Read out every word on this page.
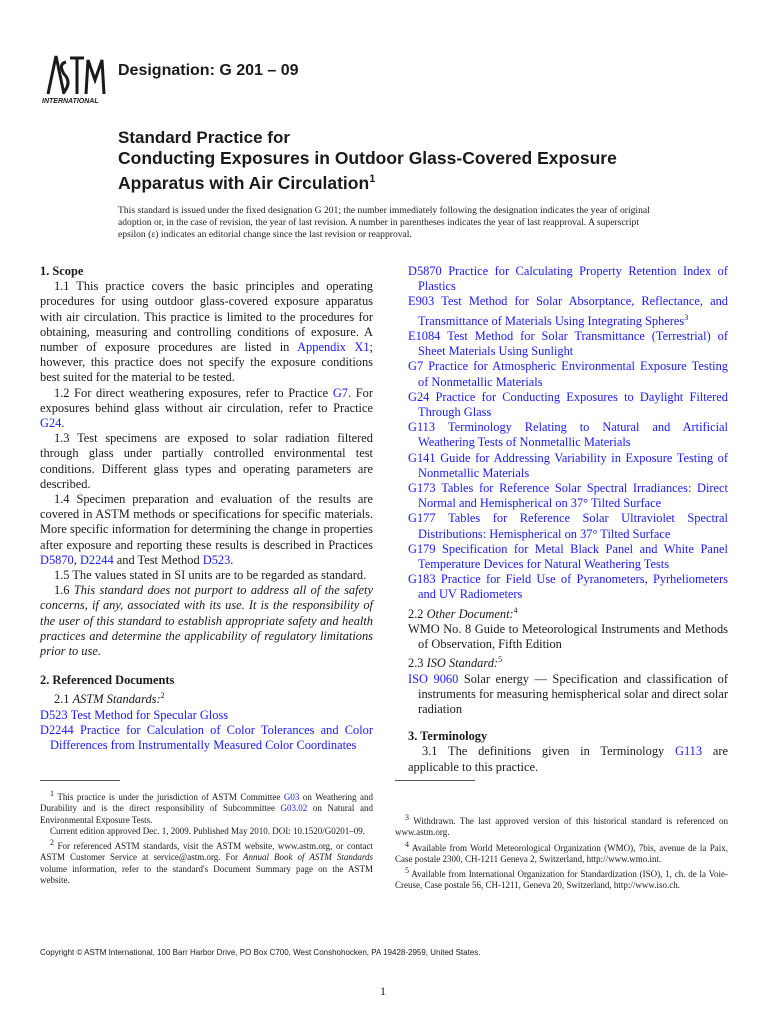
INTERNATIONAL
Designation: G 201 – 09
Standard Practice for
Conducting Exposures in Outdoor Glass-Covered Exposure Apparatus with Air Circulation$^1$
This standard is issued under the fixed designation G 201; the number immediately following the designation indicates the year of original adoption or, in the case of revision, the year of last revision. A number in parentheses indicates the year of last reapproval. A superscript epsilon (ε) indicates an editorial change since the last revision or reapproval.

1. Scope

1.1 This practice covers the basic principles and operating procedures for using outdoor glass-covered exposure apparatus with air circulation. This practice is limited to the procedures for obtaining, measuring and controlling conditions of exposure. A number of exposure procedures are listed in Appendix X1; however, this practice does not specify the exposure conditions best suited for the material to be tested.

1.2 For direct weathering exposures, refer to Practice G7. For exposures behind glass without air circulation, refer to Practice G24.

1.3 Test specimens are exposed to solar radiation filtered through glass under partially controlled environmental test conditions. Different glass types and operating parameters are described.

1.4 Specimen preparation and evaluation of the results are covered in ASTM methods or specifications for specific materials. More specific information for determining the change in properties after exposure and reporting these results is described in Practices D5870, D2244 and Test Method D523.

1.5 The values stated in SI units are to be regarded as standard.

1.6 This standard does not purport to address all of the safety concerns, if any, associated with its use. It is the responsibility of the user of this standard to establish appropriate safety and health practices and determine the applicability of regulatory limitations prior to use.

2. Referenced Documents

2.1 ASTM Standards:$^2$

D523 Test Method for Specular Gloss

D2244 Practice for Calculation of Color Tolerances and Color Differences from Instrumentally Measured Color Coordinates

D5870 Practice for Calculating Property Retention Index of Plastics

E903 Test Method for Solar Absorptance, Reflectance, and Transmittance of Materials Using Integrating Spheres$^3$

E1084 Test Method for Solar Transmittance (Terrestrial) of Sheet Materials Using Sunlight

G7 Practice for Atmospheric Environmental Exposure Testing of Nonmetallic Materials

G24 Practice for Conducting Exposures to Daylight Filtered Through Glass

G113 Terminology Relating to Natural and Artificial Weathering Tests of Nonmetallic Materials

G141 Guide for Addressing Variability in Exposure Testing of Nonmetallic Materials

G173 Tables for Reference Solar Spectral Irradiances: Direct Normal and Hemispherical on 37° Tilted Surface

G177 Tables for Reference Solar Ultraviolet Spectral Distributions: Hemispherical on 37° Tilted Surface

G179 Specification for Metal Black Panel and White Panel Temperature Devices for Natural Weathering Tests

G183 Practice for Field Use of Pyranometers, Pyrheliometers and UV Radiometers

2.2 Other Document:$^4$

WMO No. 8 Guide to Meteorological Instruments and Methods of Observation, Fifth Edition

2.3 ISO Standard:$^5$

ISO 9060 Solar energy — Specification and classification of instruments for measuring hemispherical solar and direct solar radiation

3. Terminology

3.1 The definitions given in Terminology G113 are applicable to this practice.

$^1$ This practice is under the jurisdiction of ASTM Committee G03 on Weathering and Durability and is the direct responsibility of Subcommittee G03.02 on Natural and Environmental Exposure Tests.

Current edition approved Dec. 1, 2009. Published May 2010. DOI: 10.1520/G0201–09.

$^2$ For referenced ASTM standards, visit the ASTM website, www.astm.org, or contact ASTM Customer Service at service@astm.org. For Annual Book of ASTM Standards volume information, refer to the standard's Document Summary page on the ASTM website.

$^3$ Withdrawn. The last approved version of this historical standard is referenced on www.astm.org.

$^4$ Available from World Meteorological Organization (WMO), 7bis, avenue de la Paix, Case postale 2300, CH-1211 Geneva 2, Switzerland, http://www.wmo.int.

$^5$ Available from International Organization for Standardization (ISO), 1, ch. de la Voie-Creuse, Case postale 56, CH-1211, Geneva 20, Switzerland, http://www.iso.ch.

Copyright © ASTM International, 100 Barr Harbor Drive, PO Box C700, West Conshohocken, PA 19428-2959, United States.
1
